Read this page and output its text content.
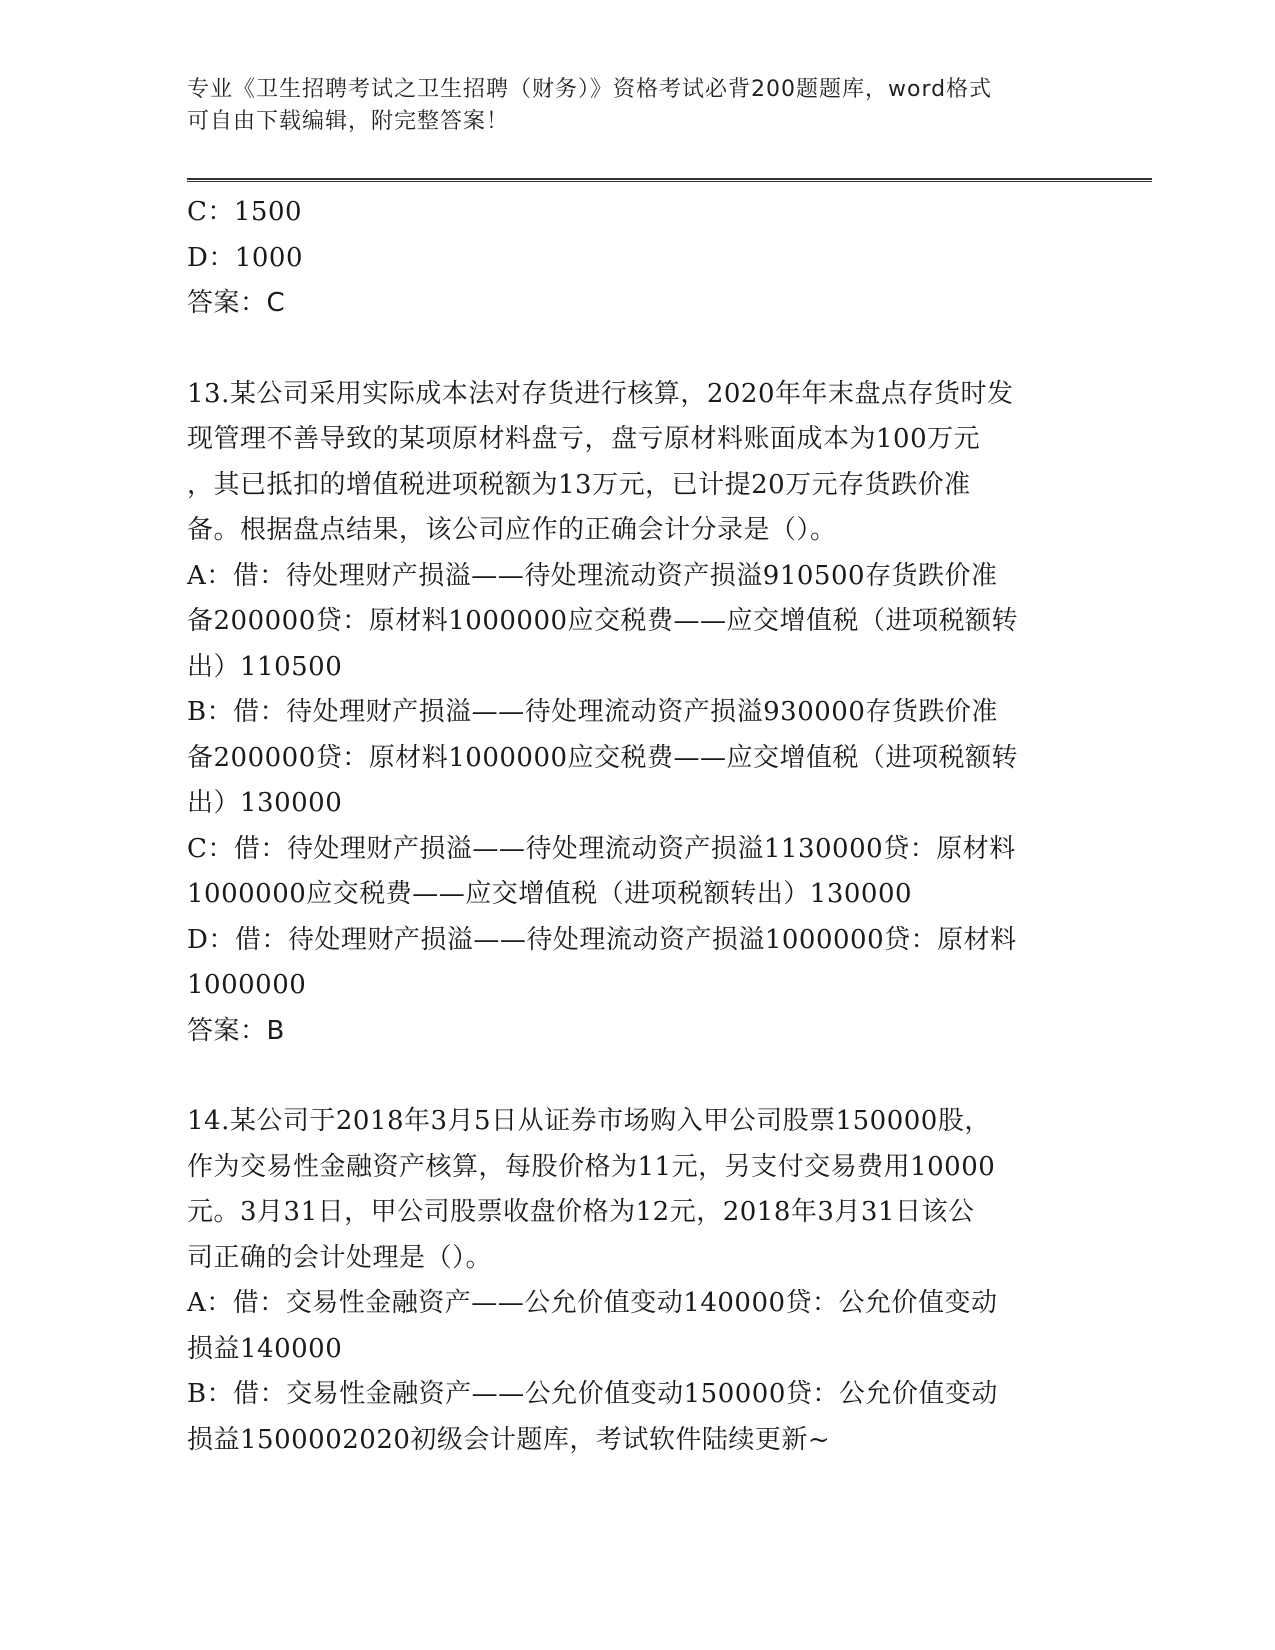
专业《卫生招聘考试之卫生招聘（财务）》资格考试必背200题题库，word格式
可自由下载编辑，附完整答案！
C：1500
D：1000
答案：C
13.某公司采用实际成本法对存货进行核算，2020年年末盘点存货时发
现管理不善导致的某项原材料盘亏，盘亏原材料账面成本为100万元
，其已抵扣的增值税进项税额为13万元，已计提20万元存货跌价准
备。根据盘点结果，该公司应作的正确会计分录是（）。
A：借：待处理财产损溢——待处理流动资产损溢910500存货跌价准
备200000贷：原材料1000000应交税费——应交增值税（进项税额转
出）110500
B：借：待处理财产损溢——待处理流动资产损溢930000存货跌价准
备200000贷：原材料1000000应交税费——应交增值税（进项税额转
出）130000
C：借：待处理财产损溢——待处理流动资产损溢1130000贷：原材料
1000000应交税费——应交增值税（进项税额转出）130000
D：借：待处理财产损溢——待处理流动资产损溢1000000贷：原材料
1000000
答案：B
14.某公司于2018年3月5日从证券市场购入甲公司股票150000股，
作为交易性金融资产核算，每股价格为11元，另支付交易费用10000
元。3月31日，甲公司股票收盘价格为12元，2018年3月31日该公
司正确的会计处理是（）。
A：借：交易性金融资产——公允价值变动140000贷：公允价值变动
损益140000
B：借：交易性金融资产——公允价值变动150000贷：公允价值变动
损益1500002020初级会计题库，考试软件陆续更新~
